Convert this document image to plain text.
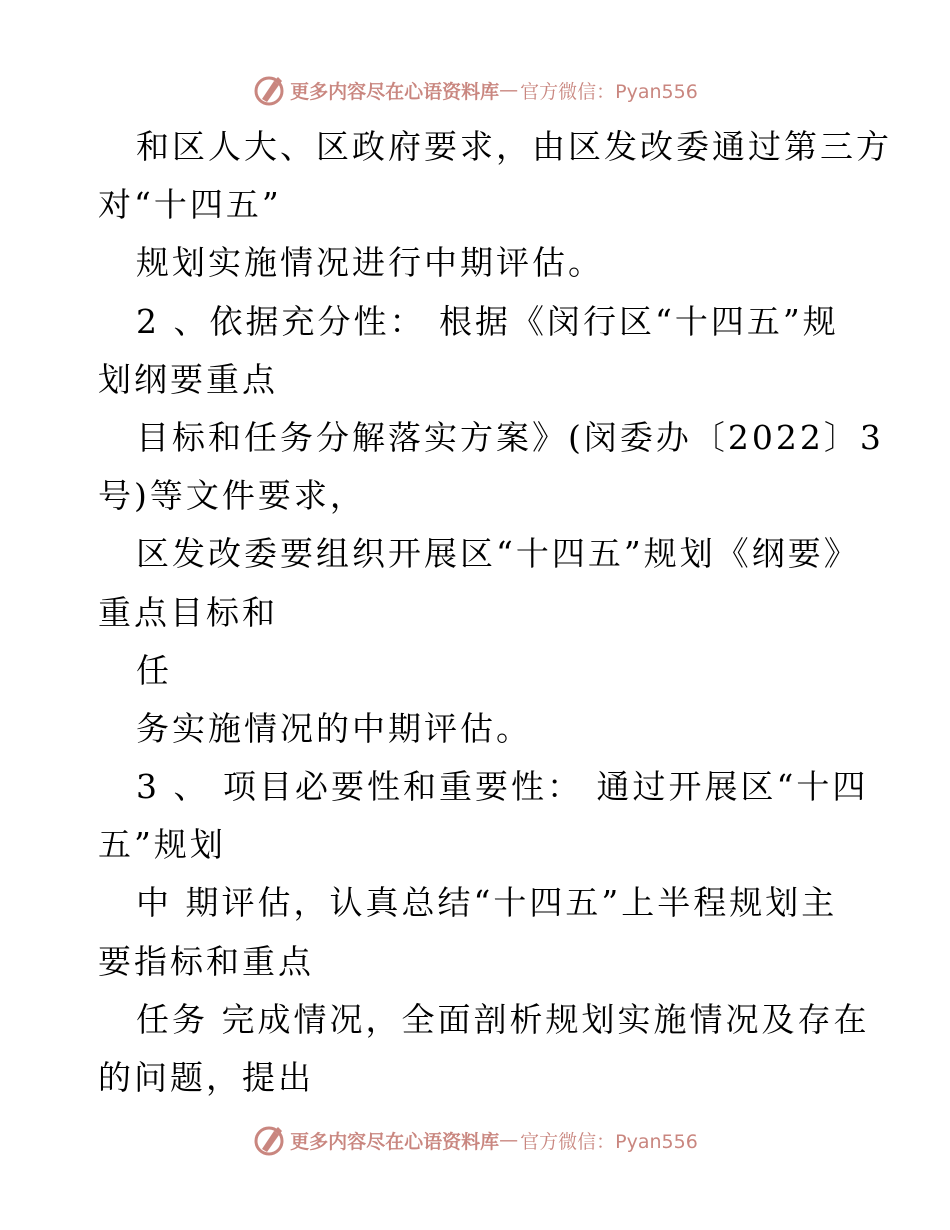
更多内容尽在心语资料库 — 官方微信：Pyan556
和区人大、区政府要求，由区发改委通过第三方
对“十四五”
规划实施情况进行中期评估。
2 、依据充分性： 根据《闵行区“十四五”规
划纲要重点
目标和任务分解落实方案》(闵委办〔2022〕3
号)等文件要求，
区发改委要组织开展区“十四五”规划《纲要》
重点目标和
任
务实施情况的中期评估。
3 、 项目必要性和重要性： 通过开展区“十四
五”规划
中 期评估，认真总结“十四五”上半程规划主
要指标和重点
任务 完成情况，全面剖析规划实施情况及存在
的问题，提出
更多内容尽在心语资料库 — 官方微信：Pyan556
